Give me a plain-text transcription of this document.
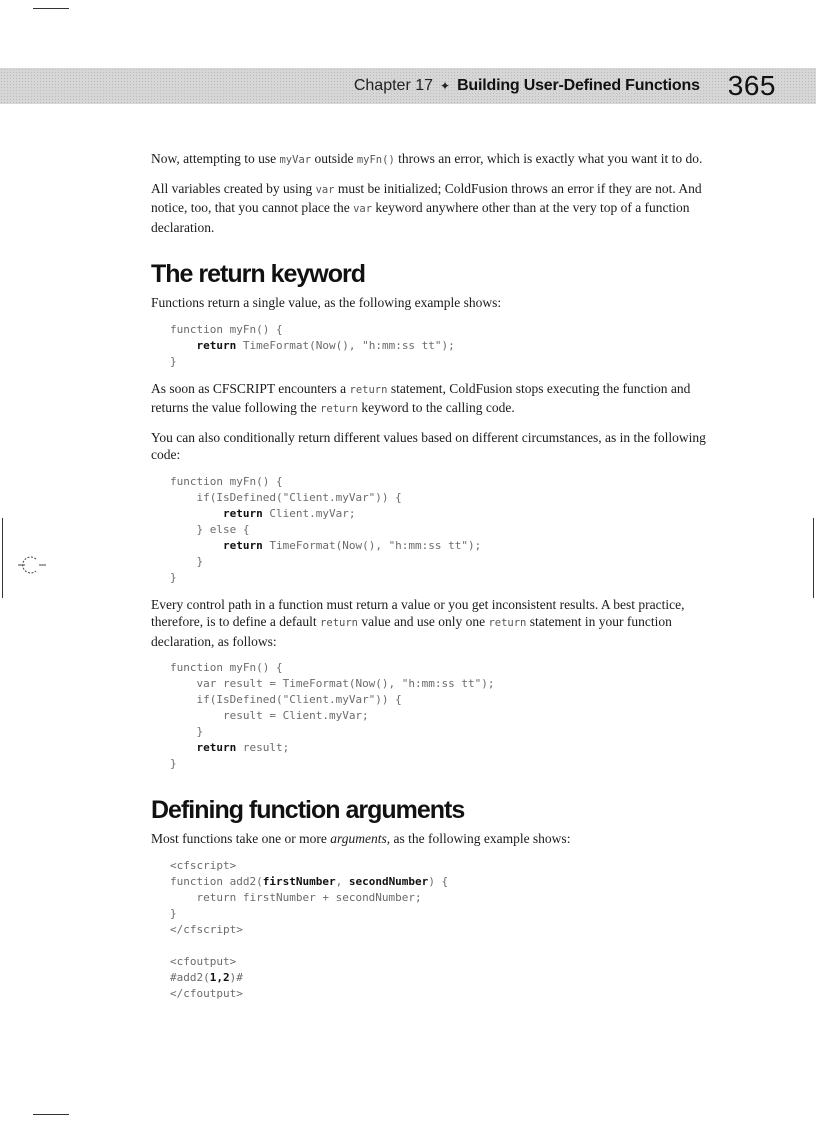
Chapter 17 ✦ Building User-Defined Functions 365

Now, attempting to use myVar outside myFn() throws an error, which is exactly what you want it to do.

All variables created by using var must be initialized; ColdFusion throws an error if they are not. And notice, too, that you cannot place the var keyword anywhere other than at the very top of a function declaration.

The return keyword

Functions return a single value, as the following example shows:

function myFn() {
return TimeFormat(Now(), "h:mm:ss tt");
}

As soon as CFSCRIPT encounters a return statement, ColdFusion stops executing the function and returns the value following the return keyword to the calling code.

You can also conditionally return different values based on different circumstances, as in the following code:

function myFn() {
if(IsDefined("Client.myVar")) {
return Client.myVar;
} else {
return TimeFormat(Now(), "h:mm:ss tt");
}
}

Every control path in a function must return a value or you get inconsistent results. A best practice, therefore, is to define a default return value and use only one return statement in your function declaration, as follows:

function myFn() {
var result = TimeFormat(Now(), "h:mm:ss tt");
if(IsDefined("Client.myVar")) {
result = Client.myVar;
}
return result;
}
Defining function arguments

Most functions take one or more arguments, as the following example shows:

<cfscript>
function add2(firstNumber, secondNumber) {
return firstNumber + secondNumber;
}
</cfscript>

<cfoutput>
#add2(1,2)#
</cfoutput>
